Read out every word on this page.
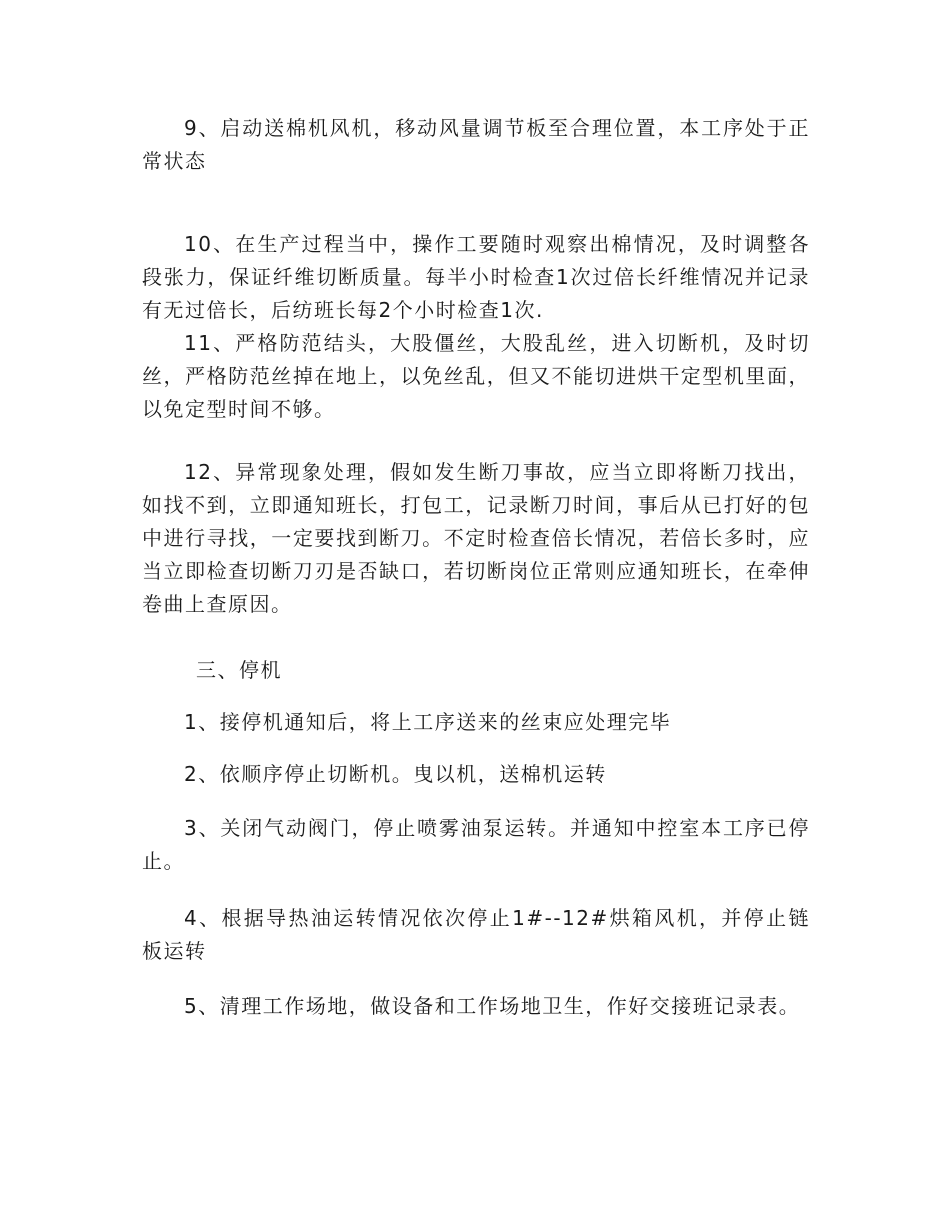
9、启动送棉机风机，移动风量调节板至合理位置，本工序处于正常状态

10、在生产过程当中，操作工要随时观察出棉情况，及时调整各段张力，保证纤维切断质量。每半小时检查1次过倍长纤维情况并记录有无过倍长，后纺班长每2个小时检查1次.

11、严格防范结头，大股僵丝，大股乱丝，进入切断机，及时切丝，严格防范丝掉在地上，以免丝乱，但又不能切进烘干定型机里面，以免定型时间不够。

12、异常现象处理，假如发生断刀事故，应当立即将断刀找出，如找不到，立即通知班长，打包工，记录断刀时间，事后从已打好的包中进行寻找，一定要找到断刀。不定时检查倍长情况，若倍长多时，应当立即检查切断刀刃是否缺口，若切断岗位正常则应通知班长，在牵伸卷曲上查原因。

三、停机

1、接停机通知后，将上工序送来的丝束应处理完毕

2、依顺序停止切断机。曳以机，送棉机运转

3、关闭气动阀门，停止喷雾油泵运转。并通知中控室本工序已停止。

4、根据导热油运转情况依次停止1#--12#烘箱风机，并停止链板运转

5、清理工作场地，做设备和工作场地卫生，作好交接班记录表。
